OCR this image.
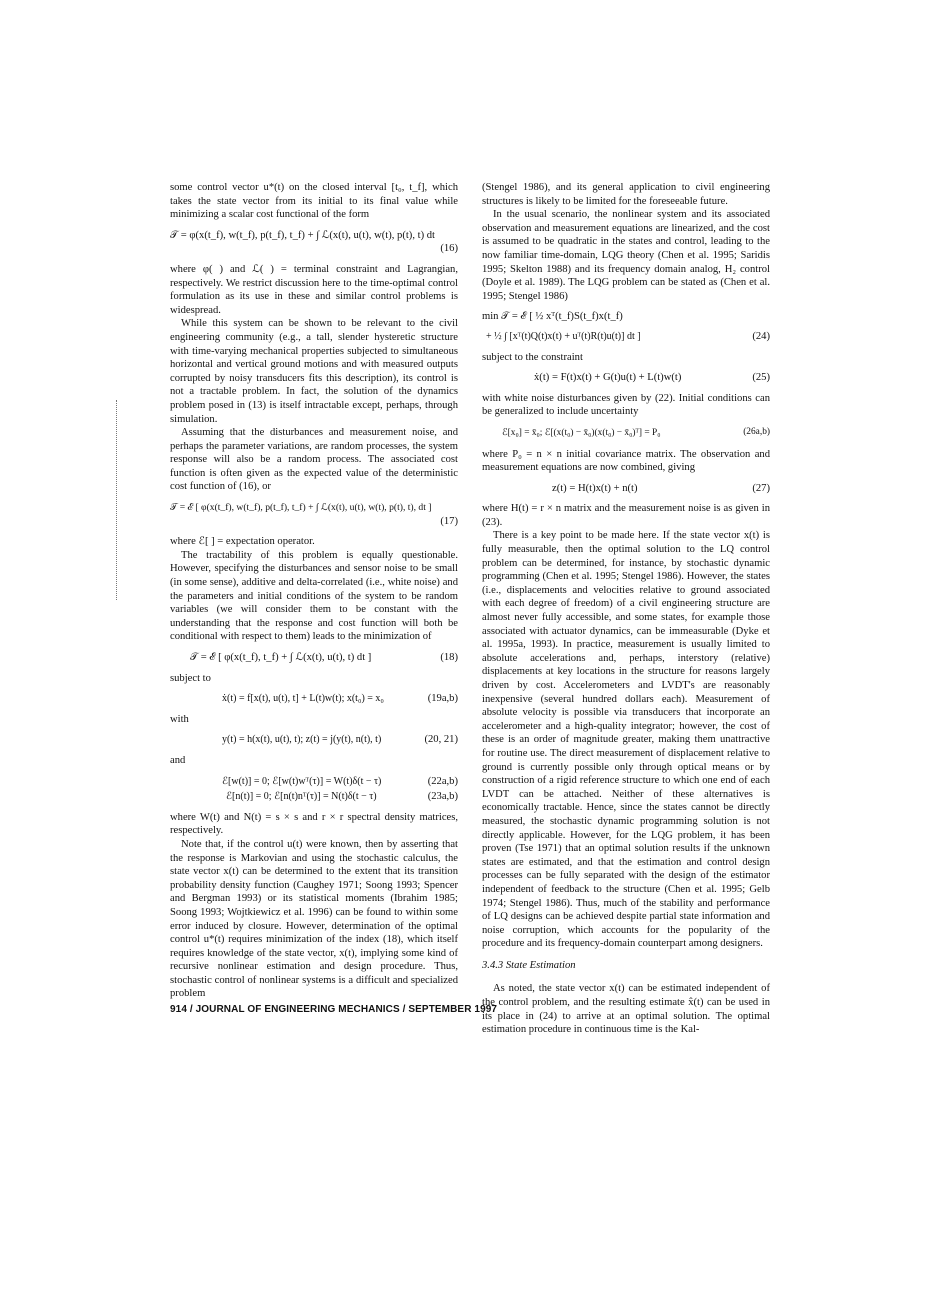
some control vector u*(t) on the closed interval [t₀, t_f], which takes the state vector from its initial to its final value while minimizing a scalar cost functional of the form

𝒯 = φ(x(t_f), w(t_f), p(t_f), t_f) + ∫ ℒ(x(t), u(t), w(t), p(t), t) dt
(16)

where φ( ) and ℒ( ) = terminal constraint and Lagrangian, respectively. We restrict discussion here to the time-optimal control formulation as its use in these and similar control problems is widespread.

While this system can be shown to be relevant to the civil engineering community (e.g., a tall, slender hysteretic structure with time-varying mechanical properties subjected to simultaneous horizontal and vertical ground motions and with measured outputs corrupted by noisy transducers fits this description), its control is not a tractable problem. In fact, the solution of the dynamics problem posed in (13) is itself intractable except, perhaps, through simulation.

Assuming that the disturbances and measurement noise, and perhaps the parameter variations, are random processes, the system response will also be a random process. The associated cost function is often given as the expected value of the deterministic cost function of (16), or

𝒯 = ℰ [ φ(x(t_f), w(t_f), p(t_f), t_f) + ∫ ℒ(x(t), u(t), w(t), p(t), t), dt ]
(17)

where ℰ[ ] = expectation operator.

The tractability of this problem is equally questionable. However, specifying the disturbances and sensor noise to be small (in some sense), additive and delta-correlated (i.e., white noise) and the parameters and initial conditions of the system to be random variables (we will consider them to be constant with the understanding that the response and cost function will both be conditional with respect to them) leads to the minimization of

𝒯 = ℰ [ φ(x(t_f), t_f) + ∫ ℒ(x(t), u(t), t) dt ]	(18)

subject to

ẋ(t) = f[x(t), u(t), t] + L(t)w(t); x(t₀) = x₀	(19a,b)

with

y(t) = h(x(t), u(t), t); z(t) = j(y(t), n(t), t)	(20, 21)

and

ℰ[w(t)] = 0; ℰ[w(t)wᵀ(τ)] = W(t)δ(t − τ)	(22a,b)
ℰ[n(t)] = 0; ℰ[n(t)nᵀ(τ)] = N(t)δ(t − τ)	(23a,b)

where W(t) and N(t) = s × s and r × r spectral density matrices, respectively.

Note that, if the control u(t) were known, then by asserting that the response is Markovian and using the stochastic calculus, the state vector x(t) can be determined to the extent that its transition probability density function (Caughey 1971; Soong 1993; Spencer and Bergman 1993) or its statistical moments (Ibrahim 1985; Soong 1993; Wojtkiewicz et al. 1996) can be found to within some error induced by closure. However, determination of the optimal control u*(t) requires minimization of the index (18), which itself requires knowledge of the state vector, x(t), implying some kind of recursive nonlinear estimation and design procedure. Thus, stochastic control of nonlinear systems is a difficult and specialized problem

(Stengel 1986), and its general application to civil engineering structures is likely to be limited for the foreseeable future.

In the usual scenario, the nonlinear system and its associated observation and measurement equations are linearized, and the cost is assumed to be quadratic in the states and control, leading to the now familiar time-domain, LQG theory (Chen et al. 1995; Saridis 1995; Skelton 1988) and its frequency domain analog, H₂ control (Doyle et al. 1989). The LQG problem can be stated as (Chen et al. 1995; Stengel 1986)

min 𝒯 = ℰ [ ½ xᵀ(t_f)S(t_f)x(t_f)
+ ½ ∫ [xᵀ(t)Q(t)x(t) + uᵀ(t)R(t)u(t)] dt ]	(24)

subject to the constraint

ẋ(t) = F(t)x(t) + G(t)u(t) + L(t)w(t)	(25)

with white noise disturbances given by (22). Initial conditions can be generalized to include uncertainty

ℰ[x₀] = x̄₀; ℰ[(x(t₀) − x̄₀)(x(t₀) − x̄₀)ᵀ] = P₀	(26a,b)

where P₀ = n × n initial covariance matrix. The observation and measurement equations are now combined, giving

z(t) = H(t)x(t) + n(t)	(27)

where H(t) = r × n matrix and the measurement noise is as given in (23).

There is a key point to be made here. If the state vector x(t) is fully measurable, then the optimal solution to the LQ control problem can be determined, for instance, by stochastic dynamic programming (Chen et al. 1995; Stengel 1986). However, the states (i.e., displacements and velocities relative to ground associated with each degree of freedom) of a civil engineering structure are almost never fully accessible, and some states, for example those associated with actuator dynamics, can be immeasurable (Dyke et al. 1995a, 1993). In practice, measurement is usually limited to absolute accelerations and, perhaps, interstory (relative) displacements at key locations in the structure for reasons largely driven by cost. Accelerometers and LVDT's are reasonably inexpensive (several hundred dollars each). Measurement of absolute velocity is possible via transducers that incorporate an accelerometer and a high-quality integrator; however, the cost of these is an order of magnitude greater, making them unattractive for routine use. The direct measurement of displacement relative to ground is currently possible only through optical means or by construction of a rigid reference structure to which one end of each LVDT can be attached. Neither of these alternatives is economically tractable. Hence, since the states cannot be directly measured, the stochastic dynamic programming solution is not directly applicable. However, for the LQG problem, it has been proven (Tse 1971) that an optimal solution results if the unknown states are estimated, and that the estimation and control design processes can be fully separated with the design of the estimator independent of feedback to the structure (Chen et al. 1995; Gelb 1974; Stengel 1986). Thus, much of the stability and performance of LQ designs can be achieved despite partial state information and noise corruption, which accounts for the popularity of the procedure and its frequency-domain counterpart among designers.

3.4.3 State Estimation

As noted, the state vector x(t) can be estimated independent of the control problem, and the resulting estimate x̂(t) can be used in its place in (24) to arrive at an optimal solution. The optimal estimation procedure in continuous time is the Kal-

914 / JOURNAL OF ENGINEERING MECHANICS / SEPTEMBER 1997
